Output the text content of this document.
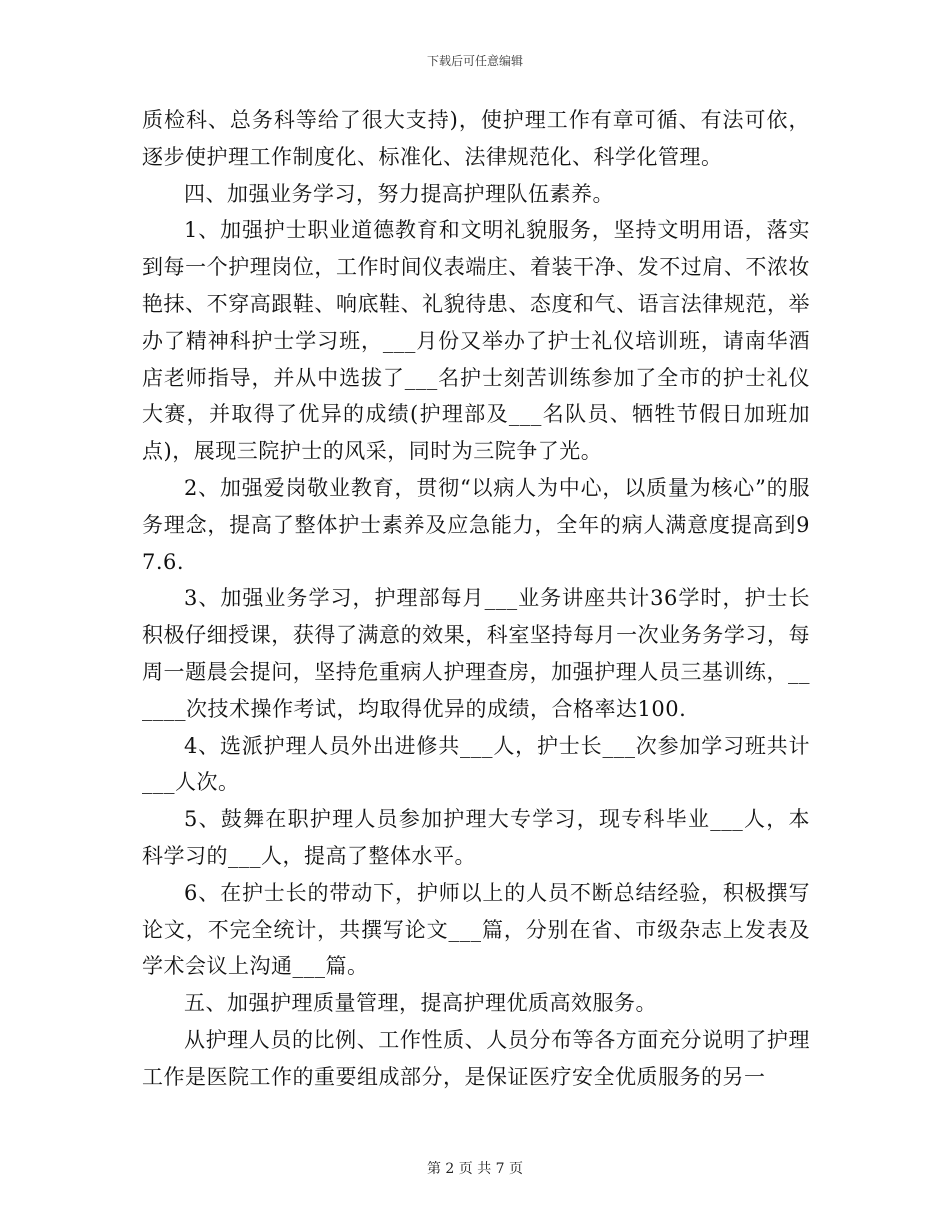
下载后可任意编辑

质检科、总务科等给了很大支持)，使护理工作有章可循、有法可依，逐步使护理工作制度化、标准化、法律规范化、科学化管理。

四、加强业务学习，努力提高护理队伍素养。

1、加强护士职业道德教育和文明礼貌服务，坚持文明用语，落实到每一个护理岗位，工作时间仪表端庄、着装干净、发不过肩、不浓妆艳抹、不穿高跟鞋、响底鞋、礼貌待患、态度和气、语言法律规范，举办了精神科护士学习班，___月份又举办了护士礼仪培训班，请南华酒店老师指导，并从中选拔了___名护士刻苦训练参加了全市的护士礼仪大赛，并取得了优异的成绩(护理部及___名队员、牺牲节假日加班加点)，展现三院护士的风采，同时为三院争了光。

2、加强爱岗敬业教育，贯彻“以病人为中心，以质量为核心”的服务理念，提高了整体护士素养及应急能力，全年的病人满意度提高到97.6.

3、加强业务学习，护理部每月___业务讲座共计36学时，护士长积极仔细授课，获得了满意的效果，科室坚持每月一次业务务学习，每周一题晨会提问，坚持危重病人护理查房，加强护理人员三基训练，______次技术操作考试，均取得优异的成绩，合格率达100.

4、选派护理人员外出进修共___人，护士长___次参加学习班共计___人次。

5、鼓舞在职护理人员参加护理大专学习，现专科毕业___人，本科学习的___人，提高了整体水平。

6、在护士长的带动下，护师以上的人员不断总结经验，积极撰写论文，不完全统计，共撰写论文___篇，分别在省、市级杂志上发表及学术会议上沟通___篇。

五、加强护理质量管理，提高护理优质高效服务。

从护理人员的比例、工作性质、人员分布等各方面充分说明了护理工作是医院工作的重要组成部分，是保证医疗安全优质服务的另一

第 2 页 共 7 页
